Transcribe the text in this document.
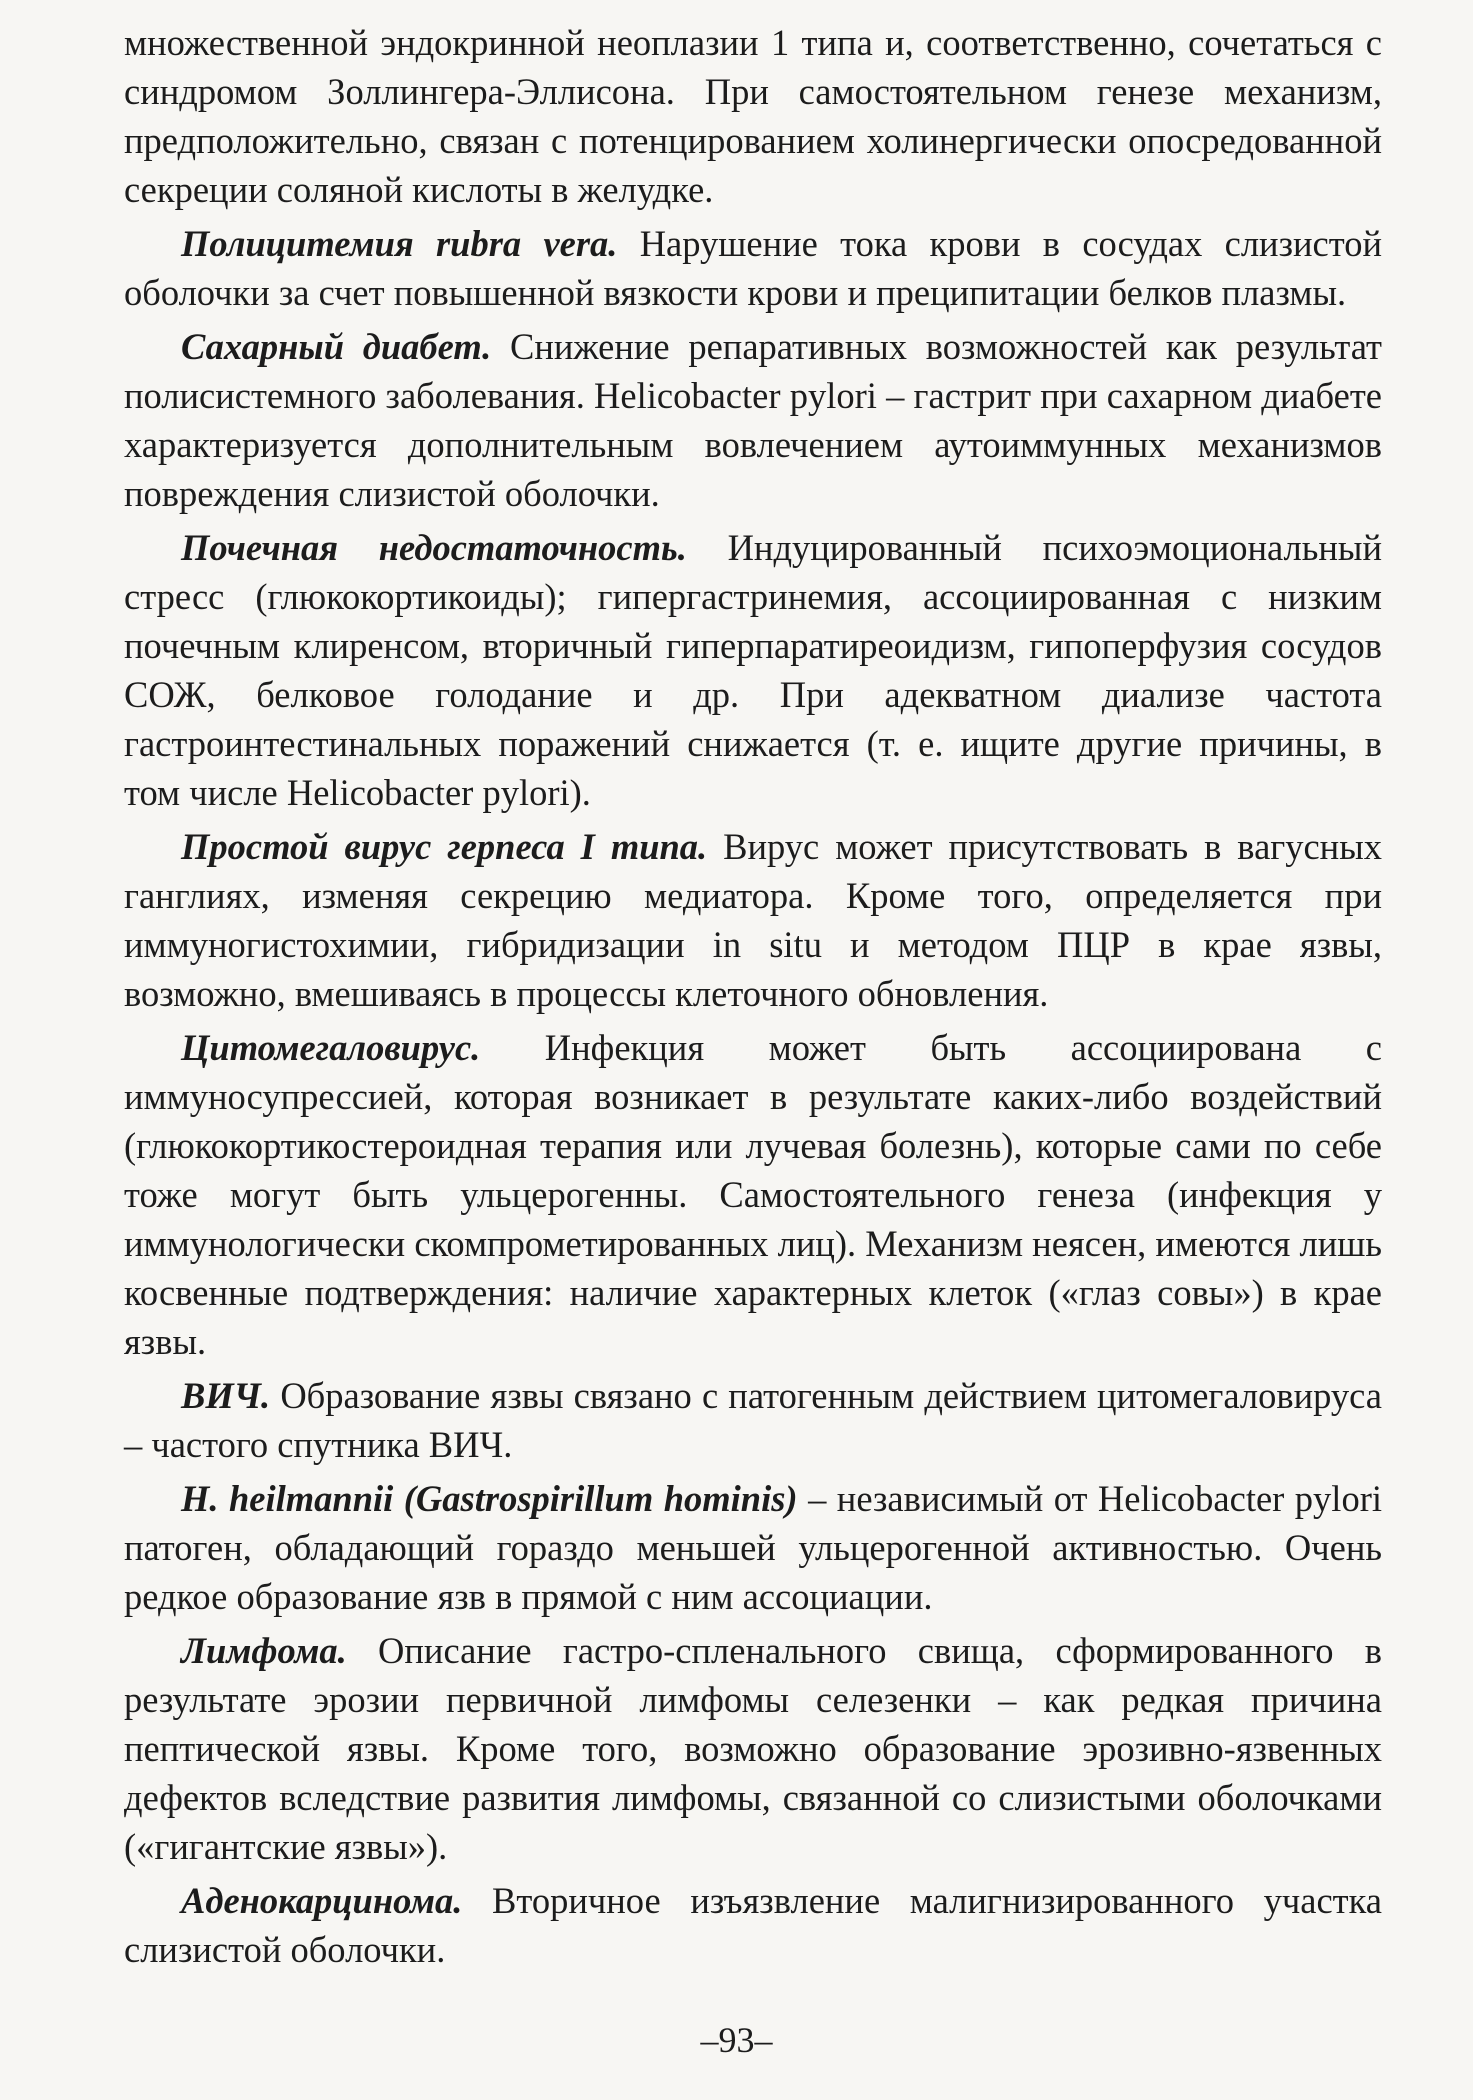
множественной эндокринной неоплазии 1 типа и, соответственно, сочетаться с синдромом Золлингера-Эллисона. При самостоятельном генезе механизм, предположительно, связан с потенцированием холинергически опосредованной секреции соляной кислоты в желудке.

Полицитемия rubra vera. Нарушение тока крови в сосудах слизистой оболочки за счет повышенной вязкости крови и преципитации белков плазмы.

Сахарный диабет. Снижение репаративных возможностей как результат полисистемного заболевания. Helicobacter pylori – гастрит при сахарном диабете характеризуется дополнительным вовлечением аутоиммунных механизмов повреждения слизистой оболочки.

Почечная недостаточность. Индуцированный психоэмоциональный стресс (глюкокортикоиды); гипергастринемия, ассоциированная с низким почечным клиренсом, вторичный гиперпаратиреоидизм, гипоперфузия сосудов СОЖ, белковое голодание и др. При адекватном диализе частота гастроинтестинальных поражений снижается (т. е. ищите другие причины, в том числе Helicobacter pylori).

Простой вирус герпеса I типа. Вирус может присутствовать в вагусных ганглиях, изменяя секрецию медиатора. Кроме того, определяется при иммуногистохимии, гибридизации in situ и методом ПЦР в крае язвы, возможно, вмешиваясь в процессы клеточного обновления.

Цитомегаловирус. Инфекция может быть ассоциирована с иммуносупрессией, которая возникает в результате каких-либо воздействий (глюкокортикостероидная терапия или лучевая болезнь), которые сами по себе тоже могут быть ульцерогенны. Самостоятельного генеза (инфекция у иммунологически скомпрометированных лиц). Механизм неясен, имеются лишь косвенные подтверждения: наличие характерных клеток («глаз совы») в крае язвы.

ВИЧ. Образование язвы связано с патогенным действием цитомегаловируса – частого спутника ВИЧ.

H. heilmannii (Gastrospirillum hominis) – независимый от Helicobacter pylori патоген, обладающий гораздо меньшей ульцерогенной активностью. Очень редкое образование язв в прямой с ним ассоциации.

Лимфома. Описание гастро-спленального свища, сформированного в результате эрозии первичной лимфомы селезенки – как редкая причина пептической язвы. Кроме того, возможно образование эрозивно-язвенных дефектов вследствие развития лимфомы, связанной со слизистыми оболочками («гигантские язвы»).

Аденокарцинома. Вторичное изъязвление малигнизированного участка слизистой оболочки.

–93–
